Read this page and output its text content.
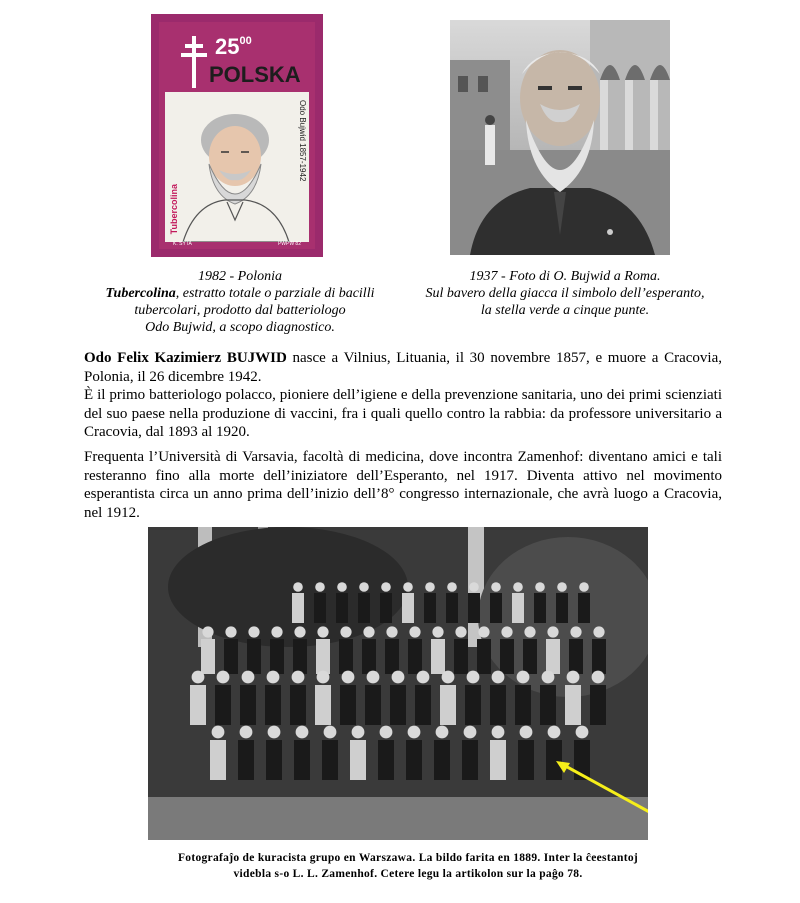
$25^{00}$
POLSKA
Tubercolina
Odo Bujwid 1857-1942
K. SYTA	PWPW 82
1982 - Polonia
Tubercolina, estratto totale o parziale di bacilli
tubercolari, prodotto dal batteriologo
Odo Bujwid, a scopo diagnostico.
1937 - Foto di O. Bujwid a Roma.
Sul bavero della giacca il simbolo dell’esperanto,
la stella verde a cinque punte.
Odo Felix Kazimierz BUJWID nasce a Vilnius, Lituania, il 30 novembre 1857, e muore a Cracovia, Polonia, il 26 dicembre 1942.
È il primo batteriologo polacco, pioniere dell’igiene e della prevenzione sanitaria, uno dei primi scienziati del suo paese nella produzione di vaccini, fra i quali quello contro la rabbia: da professore universitario a Cracovia, dal 1893 al 1920.
Frequenta l’Università di Varsavia, facoltà di medicina, dove incontra Zamenhof: diventano amici e tali resteranno fino alla morte dell’iniziatore dell’Esperanto, nel 1917. Diventa attivo nel movimento esperantista circa un anno prima dell’inizio dell’8° congresso internazionale, che avrà luogo a Cracovia, nel 1912.
Fotografaĵo de kuracista grupo en Warszawa. La bildo farita en 1889. Inter la ĉeestantoj
videbla s-o L. L. Zamenhof. Cetere legu la artikolon sur la paĝo 78.
